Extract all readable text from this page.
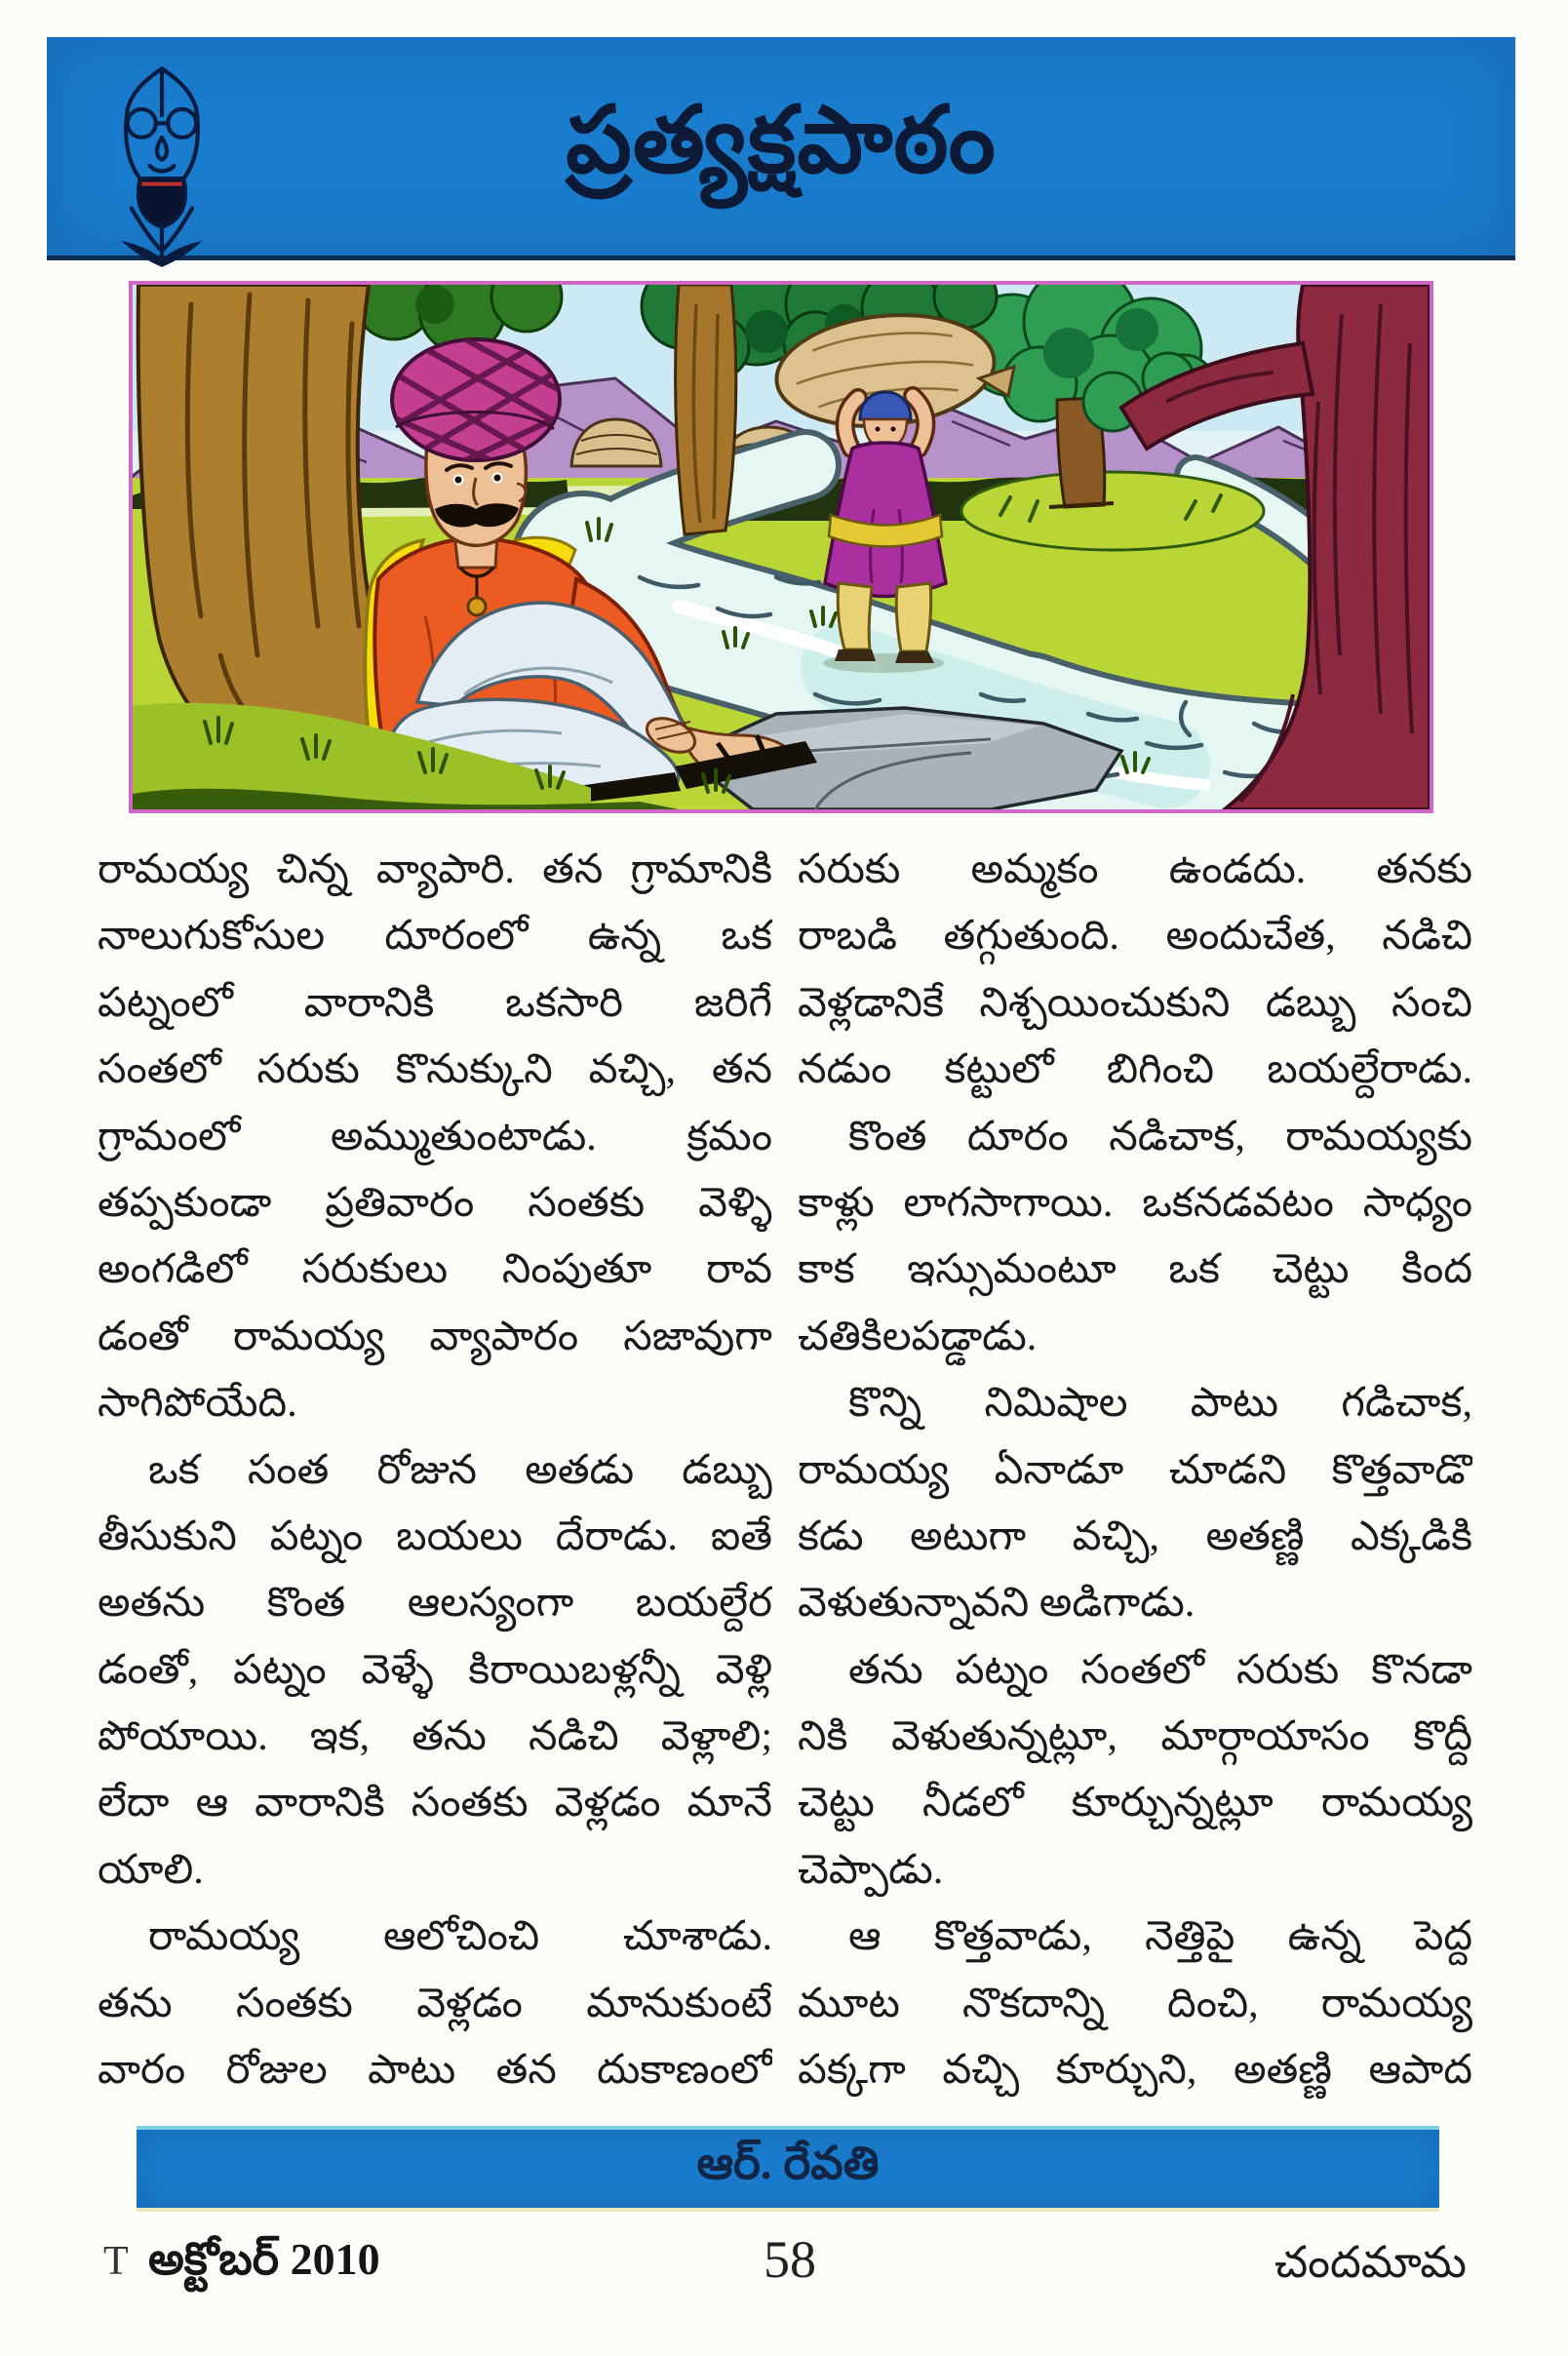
ప్రత్యక్షపాఠం
రామయ్య చిన్న వ్యాపారి. తన గ్రామానికి
నాలుగుకోసుల దూరంలో ఉన్న ఒక
పట్నంలో వారానికి ఒకసారి జరిగే
సంతలో సరుకు కొనుక్కుని వచ్చి, తన
గ్రామంలో అమ్ముతుంటాడు. క్రమం
తప్పకుండా ప్రతివారం సంతకు వెళ్ళి
అంగడిలో సరుకులు నింపుతూ రావ
డంతో రామయ్య వ్యాపారం సజావుగా
సాగిపోయేది.
ఒక సంత రోజున అతడు డబ్బు
తీసుకుని పట్నం బయలు దేరాడు. ఐతే
అతను కొంత ఆలస్యంగా బయల్దేర
డంతో, పట్నం వెళ్ళే కిరాయిబళ్లన్నీ వెళ్లి
పోయాయి. ఇక, తను నడిచి వెళ్లాలి;
లేదా ఆ వారానికి సంతకు వెళ్లడం మానే
యాలి.
రామయ్య ఆలోచించి చూశాడు.
తను సంతకు వెళ్లడం మానుకుంటే
వారం రోజుల పాటు తన దుకాణంలో
సరుకు అమ్మకం ఉండదు. తనకు
రాబడి తగ్గుతుంది. అందుచేత, నడిచి
వెళ్లడానికే నిశ్చయించుకుని డబ్బు సంచి
నడుం కట్టులో బిగించి బయల్దేరాడు.
కొంత దూరం నడిచాక, రామయ్యకు
కాళ్లు లాగసాగాయి. ఒకనడవటం సాధ్యం
కాక ఇస్సుమంటూ ఒక చెట్టు కింద
చతికిలపడ్డాడు.
కొన్ని నిమిషాల పాటు గడిచాక,
రామయ్య ఏనాడూ చూడని కొత్తవాడొ
కడు అటుగా వచ్చి, అతణ్ణి ఎక్కడికి
వెళుతున్నావని అడిగాడు.
తను పట్నం సంతలో సరుకు కొనడా
నికి వెళుతున్నట్లూ, మార్గాయాసం కొద్దీ
చెట్టు నీడలో కూర్చున్నట్లూ రామయ్య
చెప్పాడు.
ఆ కొత్తవాడు, నెత్తిపై ఉన్న పెద్ద
మూట నొకదాన్ని దించి, రామయ్య
పక్కగా వచ్చి కూర్చుని, అతణ్ణి ఆపాద
ఆర్. రేవతి
T అక్టోబర్ 2010	58	చందమామ
